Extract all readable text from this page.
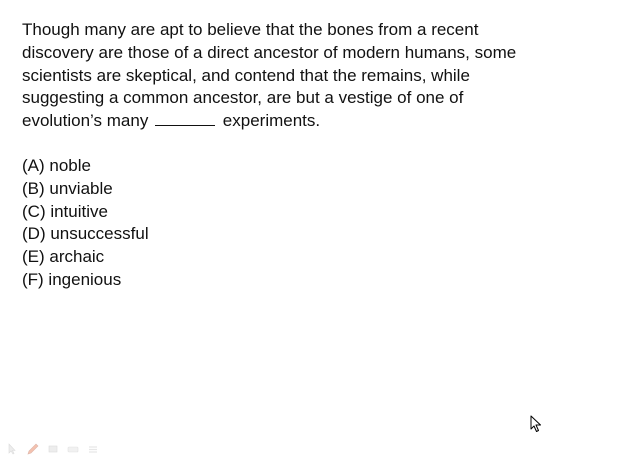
Though many are apt to believe that the bones from a recent
discovery are those of a direct ancestor of modern humans, some
scientists are skeptical, and contend that the remains, while
suggesting a common ancestor, are but a vestige of one of
evolution’s many	experiments.
(A) noble
(B) unviable
(C) intuitive
(D) unsuccessful
(E) archaic
(F) ingenious
